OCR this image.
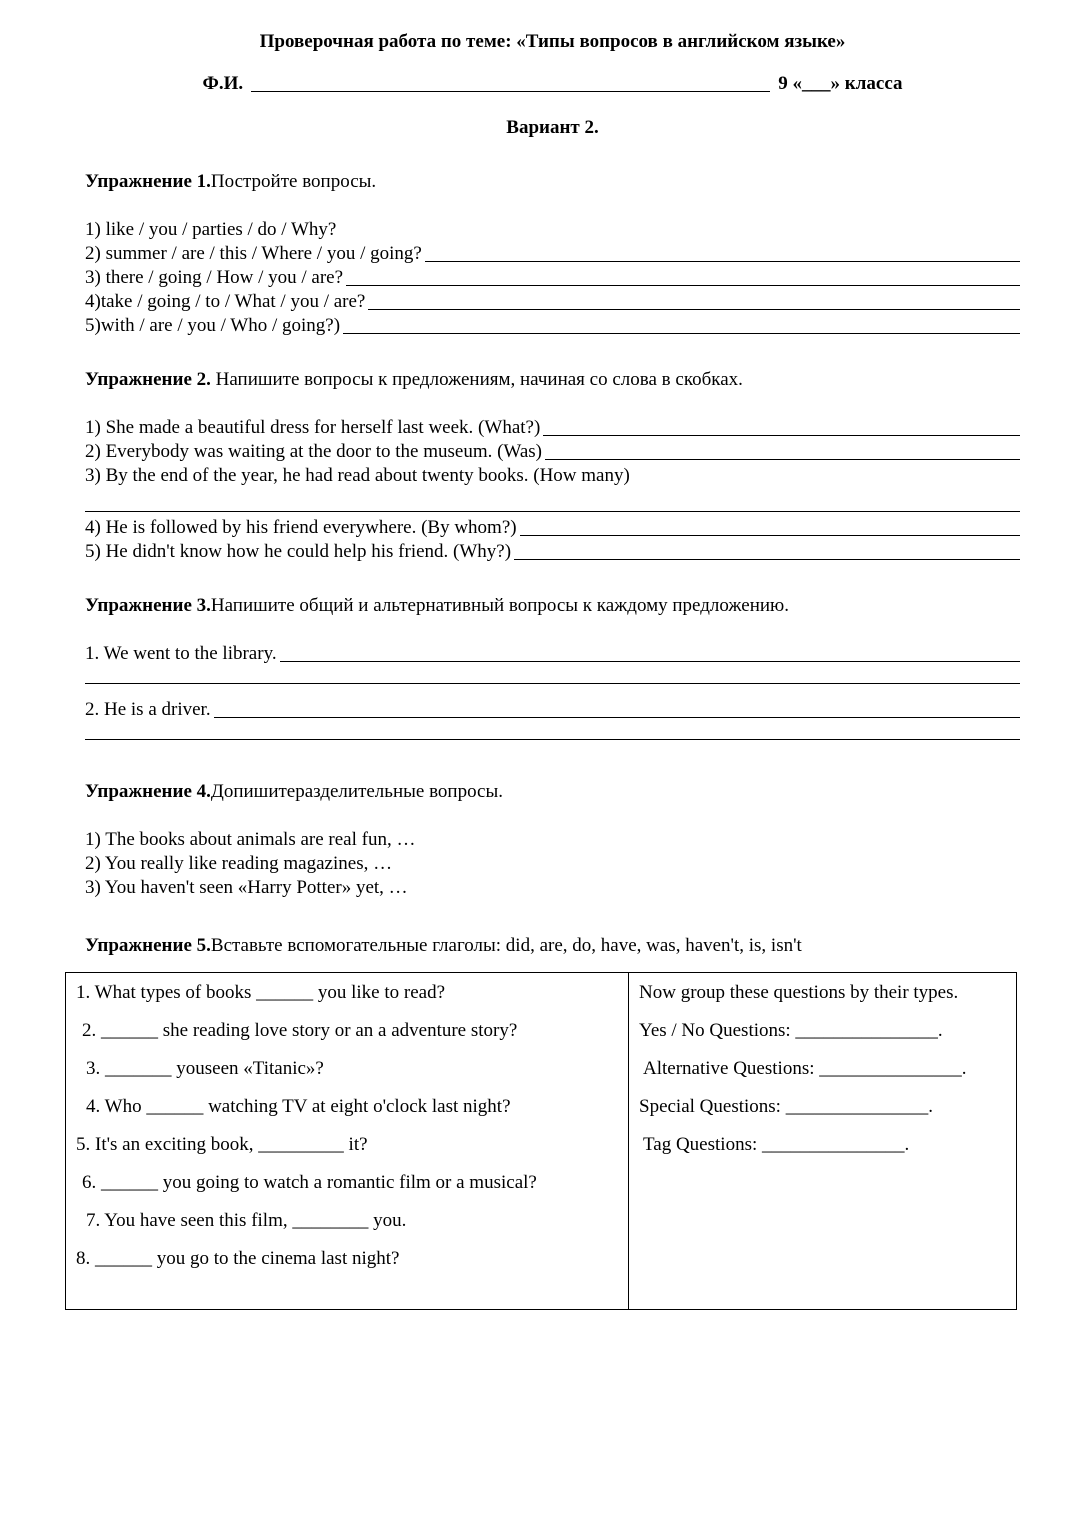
Проверочная работа по теме: «Типы вопросов в английском языке»
Ф.И.	9 «___» класса
Вариант 2.
Упражнение 1.Постройте вопросы.
1) like / you / parties / do / Why?
2) summer / are / this / Where / you / going?
3) there / going / How / you / are?
4)take / going / to / What / you / are?
5)with / are / you / Who / going?)
Упражнение 2. Напишите вопросы к предложениям, начиная со слова в скобках.
1) She made a beautiful dress for herself last week. (What?)
2) Everybody was waiting at the door to the museum. (Was)
3) By the end of the year, he had read about twenty books. (How many)
4) He is followed by his friend everywhere. (By whom?)
5) He didn't know how he could help his friend. (Why?)
Упражнение 3.Напишите общий и альтернативный вопросы к каждому предложению.
1. We went to the library.
2. He is a driver.
Упражнение 4.Допишитеразделительные вопросы.
1) The books about animals are real fun, …
2) You really like reading magazines, …
3) You haven't seen «Harry Potter» yet, …
Упражнение 5.Вставьте вспомогательные глаголы: did, are, do, have, was, haven't, is, isn't
1. What types of books ______ you like to read?
2. ______ she reading love story or an a adventure story?
3. _______ youseen «Titanic»?
4. Who ______ watching TV at eight o'clock last night?
5. It's an exciting book, _________ it?
6. ______ you going to watch a romantic film or a musical?
7. You have seen this film, ________ you.
8. ______ you go to the cinema last night?
Now group these questions by their types.
Yes / No Questions: _______________.
Alternative Questions: _______________.
Special Questions: _______________.
Tag Questions: _______________.
